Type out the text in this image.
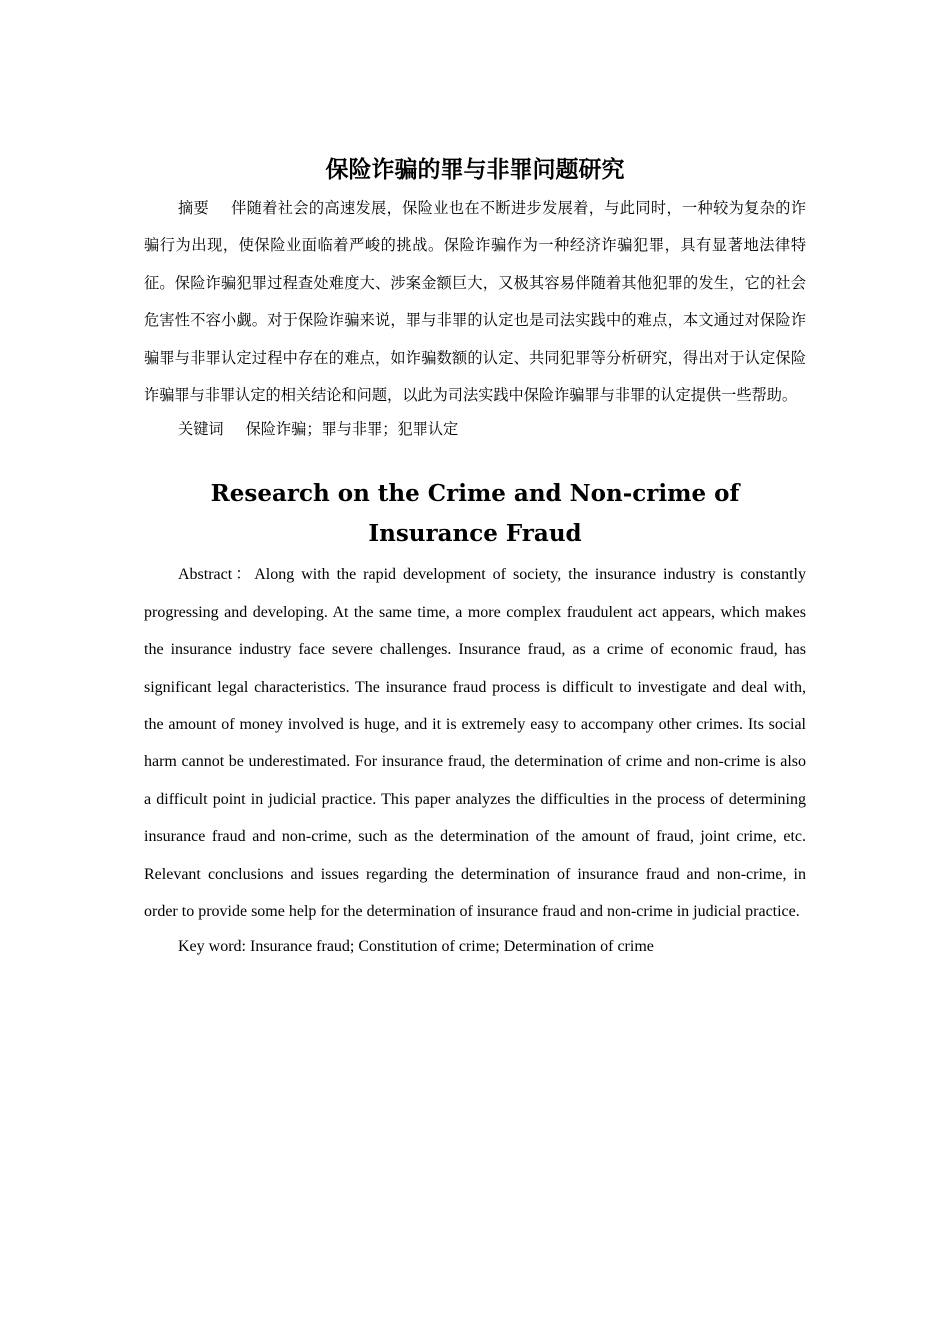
保险诈骗的罪与非罪问题研究

摘要 伴随着社会的高速发展，保险业也在不断进步发展着，与此同时，一种较为复杂的诈骗行为出现，使保险业面临着严峻的挑战。保险诈骗作为一种经济诈骗犯罪，具有显著地法律特征。保险诈骗犯罪过程查处难度大、涉案金额巨大，又极其容易伴随着其他犯罪的发生，它的社会危害性不容小觑。对于保险诈骗来说，罪与非罪的认定也是司法实践中的难点，本文通过对保险诈骗罪与非罪认定过程中存在的难点，如诈骗数额的认定、共同犯罪等分析研究，得出对于认定保险诈骗罪与非罪认定的相关结论和问题，以此为司法实践中保险诈骗罪与非罪的认定提供一些帮助。

关键词 保险诈骗；罪与非罪；犯罪认定

Research on the Crime and Non-crime of Insurance Fraud

Abstract：Along with the rapid development of society, the insurance industry is constantly progressing and developing. At the same time, a more complex fraudulent act appears, which makes the insurance industry face severe challenges. Insurance fraud, as a crime of economic fraud, has significant legal characteristics. The insurance fraud process is difficult to investigate and deal with, the amount of money involved is huge, and it is extremely easy to accompany other crimes. Its social harm cannot be underestimated. For insurance fraud, the determination of crime and non-crime is also a difficult point in judicial practice. This paper analyzes the difficulties in the process of determining insurance fraud and non-crime, such as the determination of the amount of fraud, joint crime, etc. Relevant conclusions and issues regarding the determination of insurance fraud and non-crime, in order to provide some help for the determination of insurance fraud and non-crime in judicial practice.

Key word: Insurance fraud; Constitution of crime; Determination of crime
